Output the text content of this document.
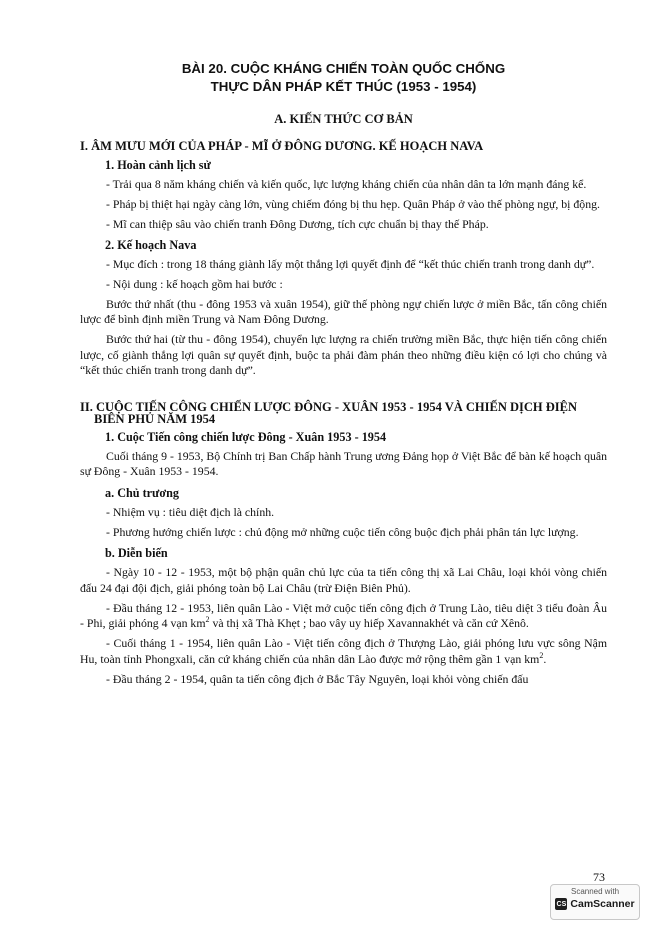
BÀI 20. CUỘC KHÁNG CHIẾN TOÀN QUỐC CHỐNG

THỰC DÂN PHÁP KẾT THÚC (1953 - 1954)

A. KIẾN THỨC CƠ BẢN

I. ÂM MƯU MỚI CỦA PHÁP - MĨ Ở ĐÔNG DƯƠNG. KẾ HOẠCH NAVA

1. Hoàn cảnh lịch sử

- Trải qua 8 năm kháng chiến và kiến quốc, lực lượng kháng chiến của nhân dân ta lớn mạnh đáng kể.

- Pháp bị thiệt hại ngày càng lớn, vùng chiếm đóng bị thu hẹp. Quân Pháp ở vào thế phòng ngự, bị động.

- Mĩ can thiệp sâu vào chiến tranh Đông Dương, tích cực chuẩn bị thay thế Pháp.

2. Kế hoạch Nava

- Mục đích : trong 18 tháng giành lấy một thắng lợi quyết định để “kết thúc chiến tranh trong danh dự”.

- Nội dung : kế hoạch gồm hai bước :

Bước thứ nhất (thu - đông 1953 và xuân 1954), giữ thế phòng ngự chiến lược ở miền Bắc, tấn công chiến lược để bình định miền Trung và Nam Đông Dương.

Bước thứ hai (từ thu - đông 1954), chuyển lực lượng ra chiến trường miền Bắc, thực hiện tiến công chiến lược, cố giành thắng lợi quân sự quyết định, buộc ta phải đàm phán theo những điều kiện có lợi cho chúng và “kết thúc chiến tranh trong danh dự”.

II. CUỘC TIẾN CÔNG CHIẾN LƯỢC ĐÔNG - XUÂN 1953 - 1954 VÀ CHIẾN DỊCH ĐIỆN BIÊN PHỦ NĂM 1954

1. Cuộc Tiến công chiến lược Đông - Xuân 1953 - 1954

Cuối tháng 9 - 1953, Bộ Chính trị Ban Chấp hành Trung ương Đảng họp ở Việt Bắc để bàn kế hoạch quân sự Đông - Xuân 1953 - 1954.

a. Chủ trương

- Nhiệm vụ : tiêu diệt địch là chính.

- Phương hướng chiến lược : chủ động mở những cuộc tiến công buộc địch phải phân tán lực lượng.

b. Diễn biến

- Ngày 10 - 12 - 1953, một bộ phận quân chủ lực của ta tiến công thị xã Lai Châu, loại khỏi vòng chiến đấu 24 đại đội địch, giải phóng toàn bộ Lai Châu (trừ Điện Biên Phủ).

- Đầu tháng 12 - 1953, liên quân Lào - Việt mở cuộc tiến công địch ở Trung Lào, tiêu diệt 3 tiểu đoàn Âu - Phi, giải phóng 4 vạn $km^2$ và thị xã Thà Khẹt ; bao vây uy hiếp Xavannakhét và căn cứ Xênô.

- Cuối tháng 1 - 1954, liên quân Lào - Việt tiến công địch ở Thượng Lào, giải phóng lưu vực sông Nậm Hu, toàn tỉnh Phongxali, căn cứ kháng chiến của nhân dân Lào được mở rộng thêm gần 1 vạn $km^2$.

- Đầu tháng 2 - 1954, quân ta tiến công địch ở Bắc Tây Nguyên, loại khỏi vòng chiến đấu

73
Scanned with
CS CamScanner
